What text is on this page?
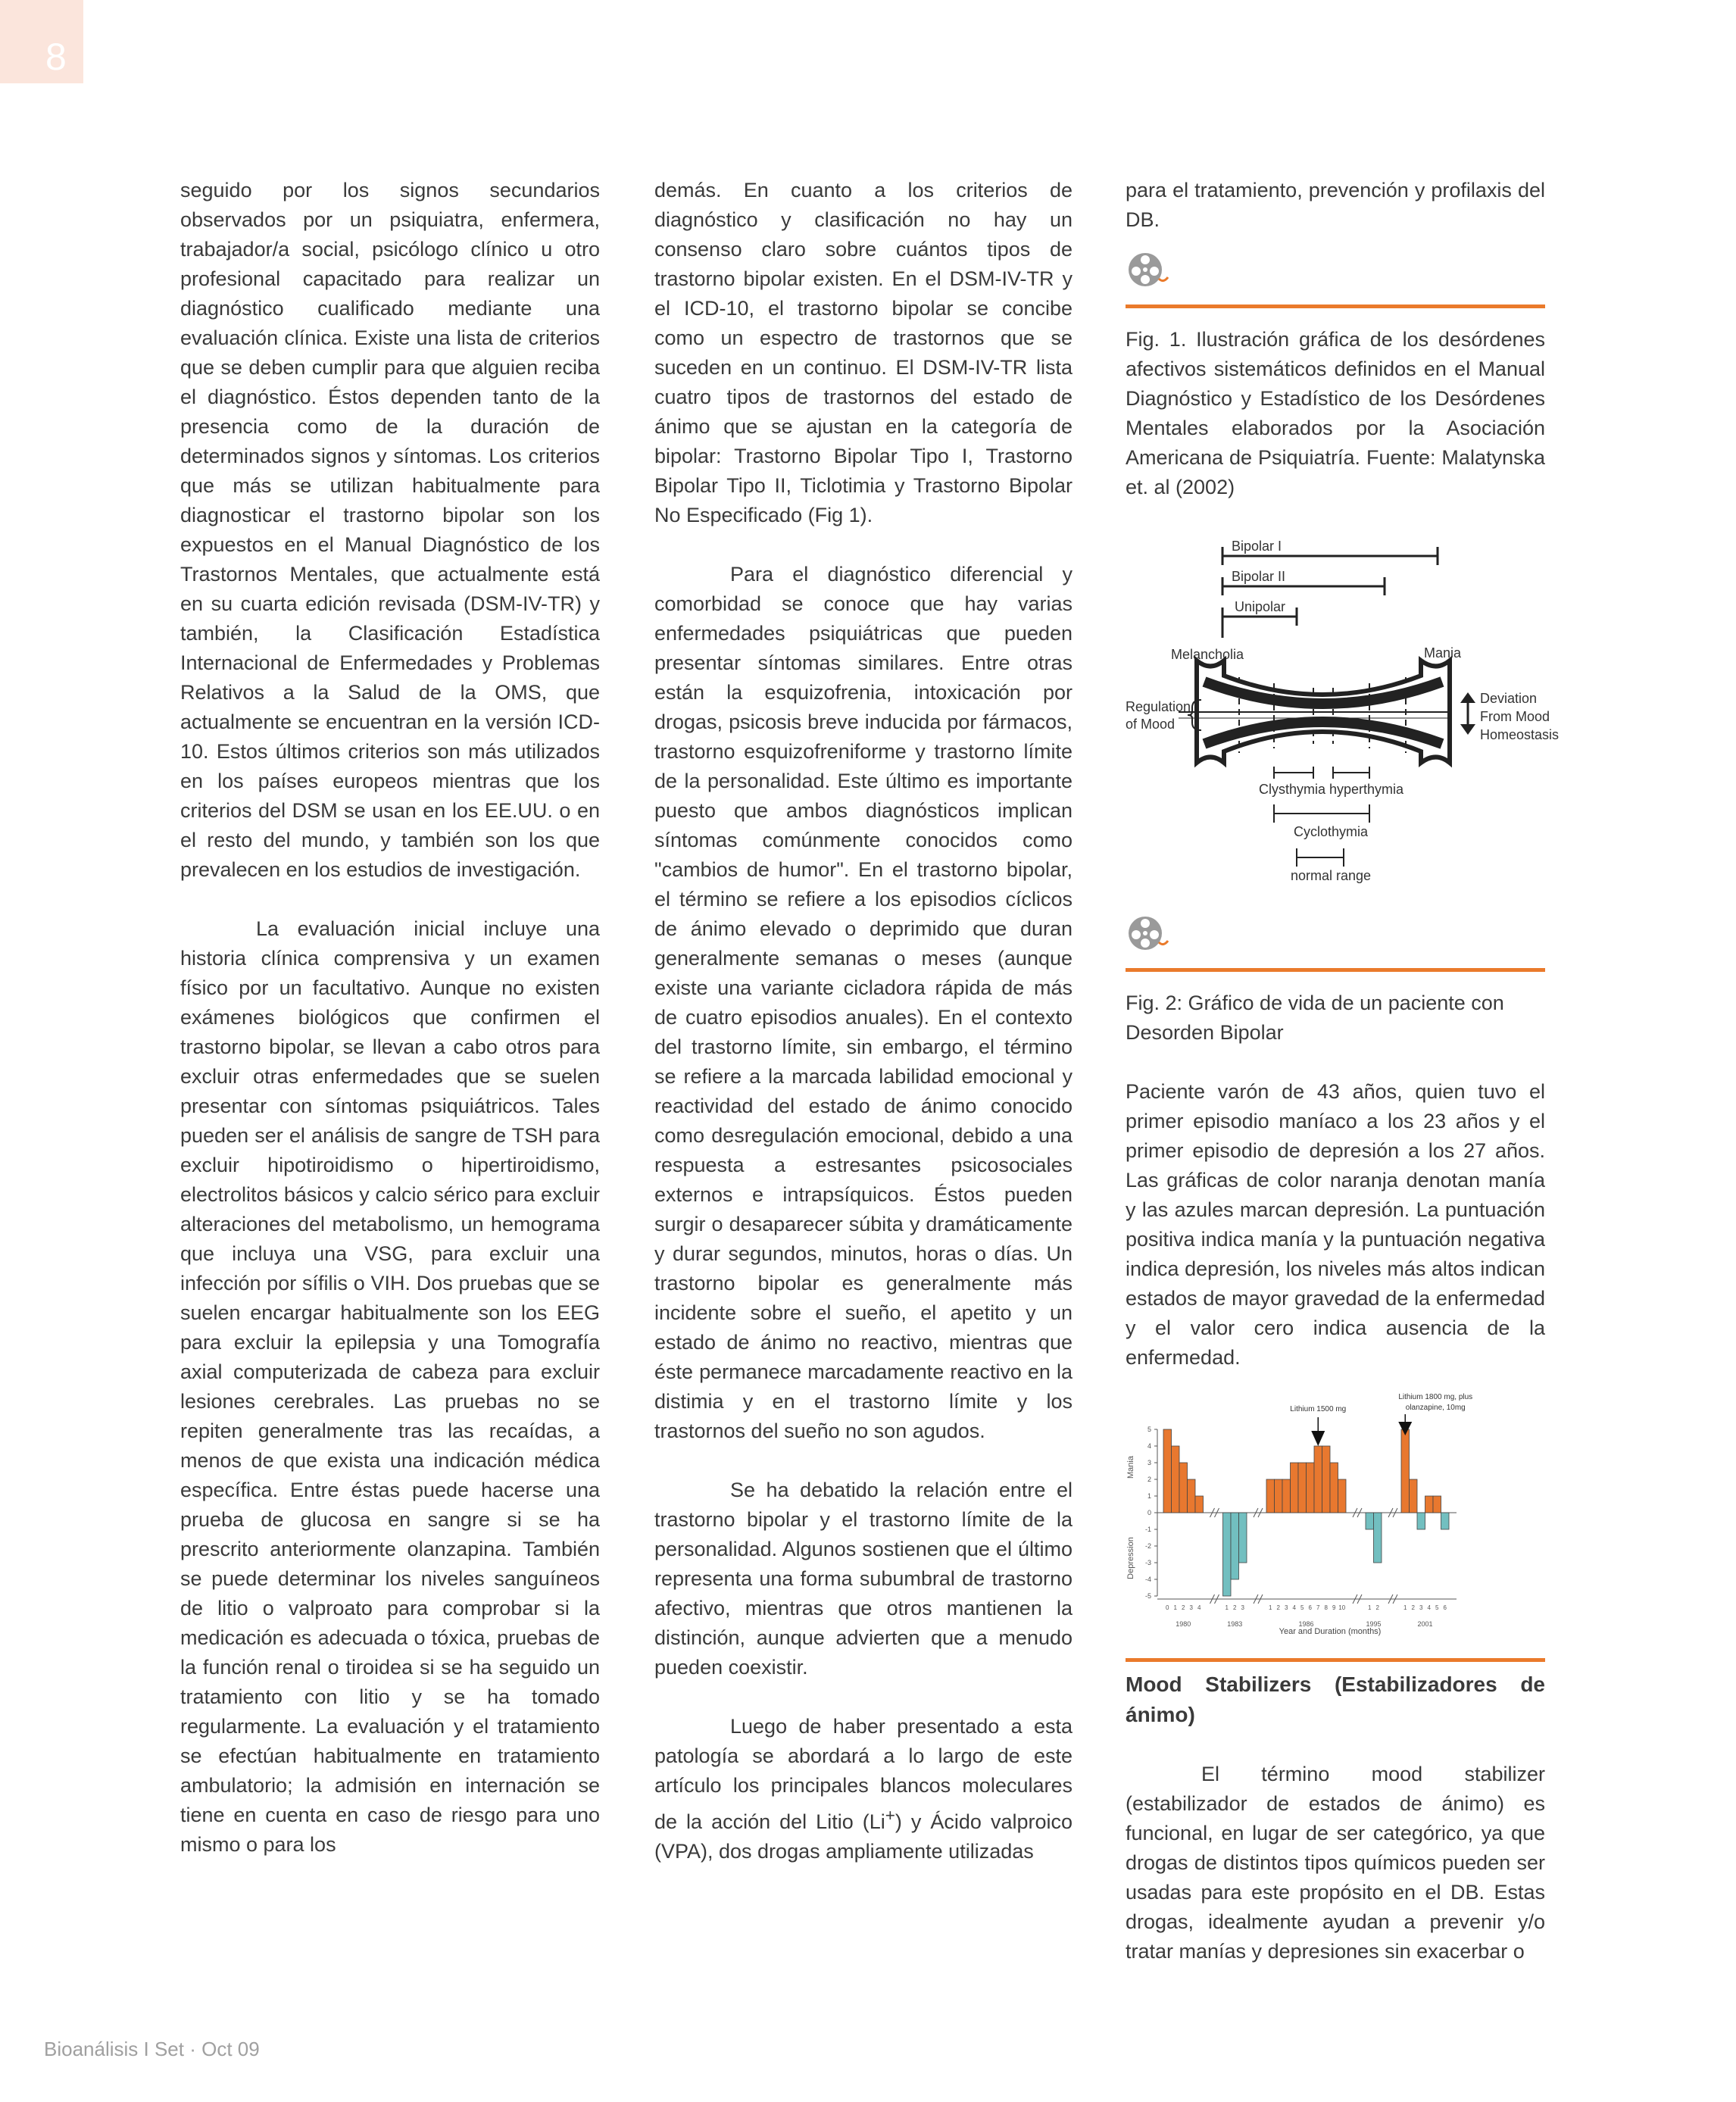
8

seguido por los signos secundarios observados por un psiquiatra, enfermera, trabajador/a social, psicólogo clínico u otro profesional capacitado para realizar un diagnóstico cualificado mediante una evaluación clínica. Existe una lista de criterios que se deben cumplir para que alguien reciba el diagnóstico. Éstos dependen tanto de la presencia como de la duración de determinados signos y síntomas. Los criterios que más se utilizan habitualmente para diagnosticar el trastorno bipolar son los expuestos en el Manual Diagnóstico de los Trastornos Mentales, que actualmente está en su cuarta edición revisada (DSM-IV-TR) y también, la Clasificación Estadística Internacional de Enfermedades y Problemas Relativos a la Salud de la OMS, que actualmente se encuentran en la versión ICD-10. Estos últimos criterios son más utilizados en los países europeos mientras que los criterios del DSM se usan en los EE.UU. o en el resto del mundo, y también son los que prevalecen en los estudios de investigación.

La evaluación inicial incluye una historia clínica comprensiva y un examen físico por un facultativo. Aunque no existen exámenes biológicos que confirmen el trastorno bipolar, se llevan a cabo otros para excluir otras enfermedades que se suelen presentar con síntomas psiquiátricos. Tales pueden ser el análisis de sangre de TSH para excluir hipotiroidismo o hipertiroidismo, electrolitos básicos y calcio sérico para excluir alteraciones del metabolismo, un hemograma que incluya una VSG, para excluir una infección por sífilis o VIH. Dos pruebas que se suelen encargar habitualmente son los EEG para excluir la epilepsia y una Tomografía axial computerizada de cabeza para excluir lesiones cerebrales. Las pruebas no se repiten generalmente tras las recaídas, a menos de que exista una indicación médica específica. Entre éstas puede hacerse una prueba de glucosa en sangre si se ha prescrito anteriormente olanzapina. También se puede determinar los niveles sanguíneos de litio o valproato para comprobar si la medicación es adecuada o tóxica, pruebas de la función renal o tiroidea si se ha seguido un tratamiento con litio y se ha tomado regularmente. La evaluación y el tratamiento se efectúan habitualmente en tratamiento ambulatorio; la admisión en internación se tiene en cuenta en caso de riesgo para uno mismo o para los

demás. En cuanto a los criterios de diagnóstico y clasificación no hay un consenso claro sobre cuántos tipos de trastorno bipolar existen. En el DSM-IV-TR y el ICD-10, el trastorno bipolar se concibe como un espectro de trastornos que se suceden en un continuo. El DSM-IV-TR lista cuatro tipos de trastornos del estado de ánimo que se ajustan en la categoría de bipolar: Trastorno Bipolar Tipo I, Trastorno Bipolar Tipo II, Ticlotimia y Trastorno Bipolar No Especificado (Fig 1).

Para el diagnóstico diferencial y comorbidad se conoce que hay varias enfermedades psiquiátricas que pueden presentar síntomas similares. Entre otras están la esquizofrenia, intoxicación por drogas, psicosis breve inducida por fármacos, trastorno esquizofreniforme y trastorno límite de la personalidad. Este último es importante puesto que ambos diagnósticos implican síntomas comúnmente conocidos como "cambios de humor". En el trastorno bipolar, el término se refiere a los episodios cíclicos de ánimo elevado o deprimido que duran generalmente semanas o meses (aunque existe una variante cicladora rápida de más de cuatro episodios anuales). En el contexto del trastorno límite, sin embargo, el término se refiere a la marcada labilidad emocional y reactividad del estado de ánimo conocido como desregulación emocional, debido a una respuesta a estresantes psicosociales externos e intrapsíquicos. Éstos pueden surgir o desaparecer súbita y dramáticamente y durar segundos, minutos, horas o días. Un trastorno bipolar es generalmente más incidente sobre el sueño, el apetito y un estado de ánimo no reactivo, mientras que éste permanece marcadamente reactivo en la distimia y en el trastorno límite y los trastornos del sueño no son agudos.

Se ha debatido la relación entre el trastorno bipolar y el trastorno límite de la personalidad. Algunos sostienen que el último representa una forma subumbral de trastorno afectivo, mientras que otros mantienen la distinción, aunque advierten que a menudo pueden coexistir.

Luego de haber presentado a esta patología se abordará a lo largo de este artículo los principales blancos moleculares de la acción del Litio (Li+) y Ácido valproico (VPA), dos drogas ampliamente utilizadas

para el tratamiento, prevención y profilaxis del DB.

Fig. 1. Ilustración gráfica de los desórdenes afectivos sistemáticos definidos en el Manual Diagnóstico y Estadístico de los Desórdenes Mentales elaborados por la Asociación Americana de Psiquiatría. Fuente: Malatynska et. al (2002)

Bipolar I
Bipolar II
Unipolar
Melancholia	Mania
Regulation
of Mood
Deviation
From Mood
Homeostasis
Clysthymia hyperthymia
Cyclothymia
normal range

Fig. 2: Gráfico de vida de un paciente con Desorden Bipolar

Paciente varón de 43 años, quien tuvo el primer episodio maníaco a los 23 años y el primer episodio de depresión a los 27 años. Las gráficas de color naranja denotan manía y las azules marcan depresión. La puntuación positiva indica manía y la puntuación negativa indica depresión, los niveles más altos indican estados de mayor gravedad de la enfermedad y el valor cero indica ausencia de la enfermedad.

5
4
3
2
1
0
-1
-2
-3
-4
-5
Mania
Depression
0 1 2 3 4
1980
1 2 3
1983
1 2 3 4 5 6 7 8 9 10
1986
1 2
1995
1 2 3 4 5 6
2001
Year and Duration (months)
Lithium 1500 mg
Lithium 1800 mg, plus
olanzapine, 10mg

Mood Stabilizers (Estabilizadores de ánimo)

El término mood stabilizer (estabilizador de estados de ánimo) es funcional, en lugar de ser categórico, ya que drogas de distintos tipos químicos pueden ser usadas para este propósito en el DB. Estas drogas, idealmente ayudan a prevenir y/o tratar manías y depresiones sin exacerbar o

Bioanálisis I Set · Oct 09
